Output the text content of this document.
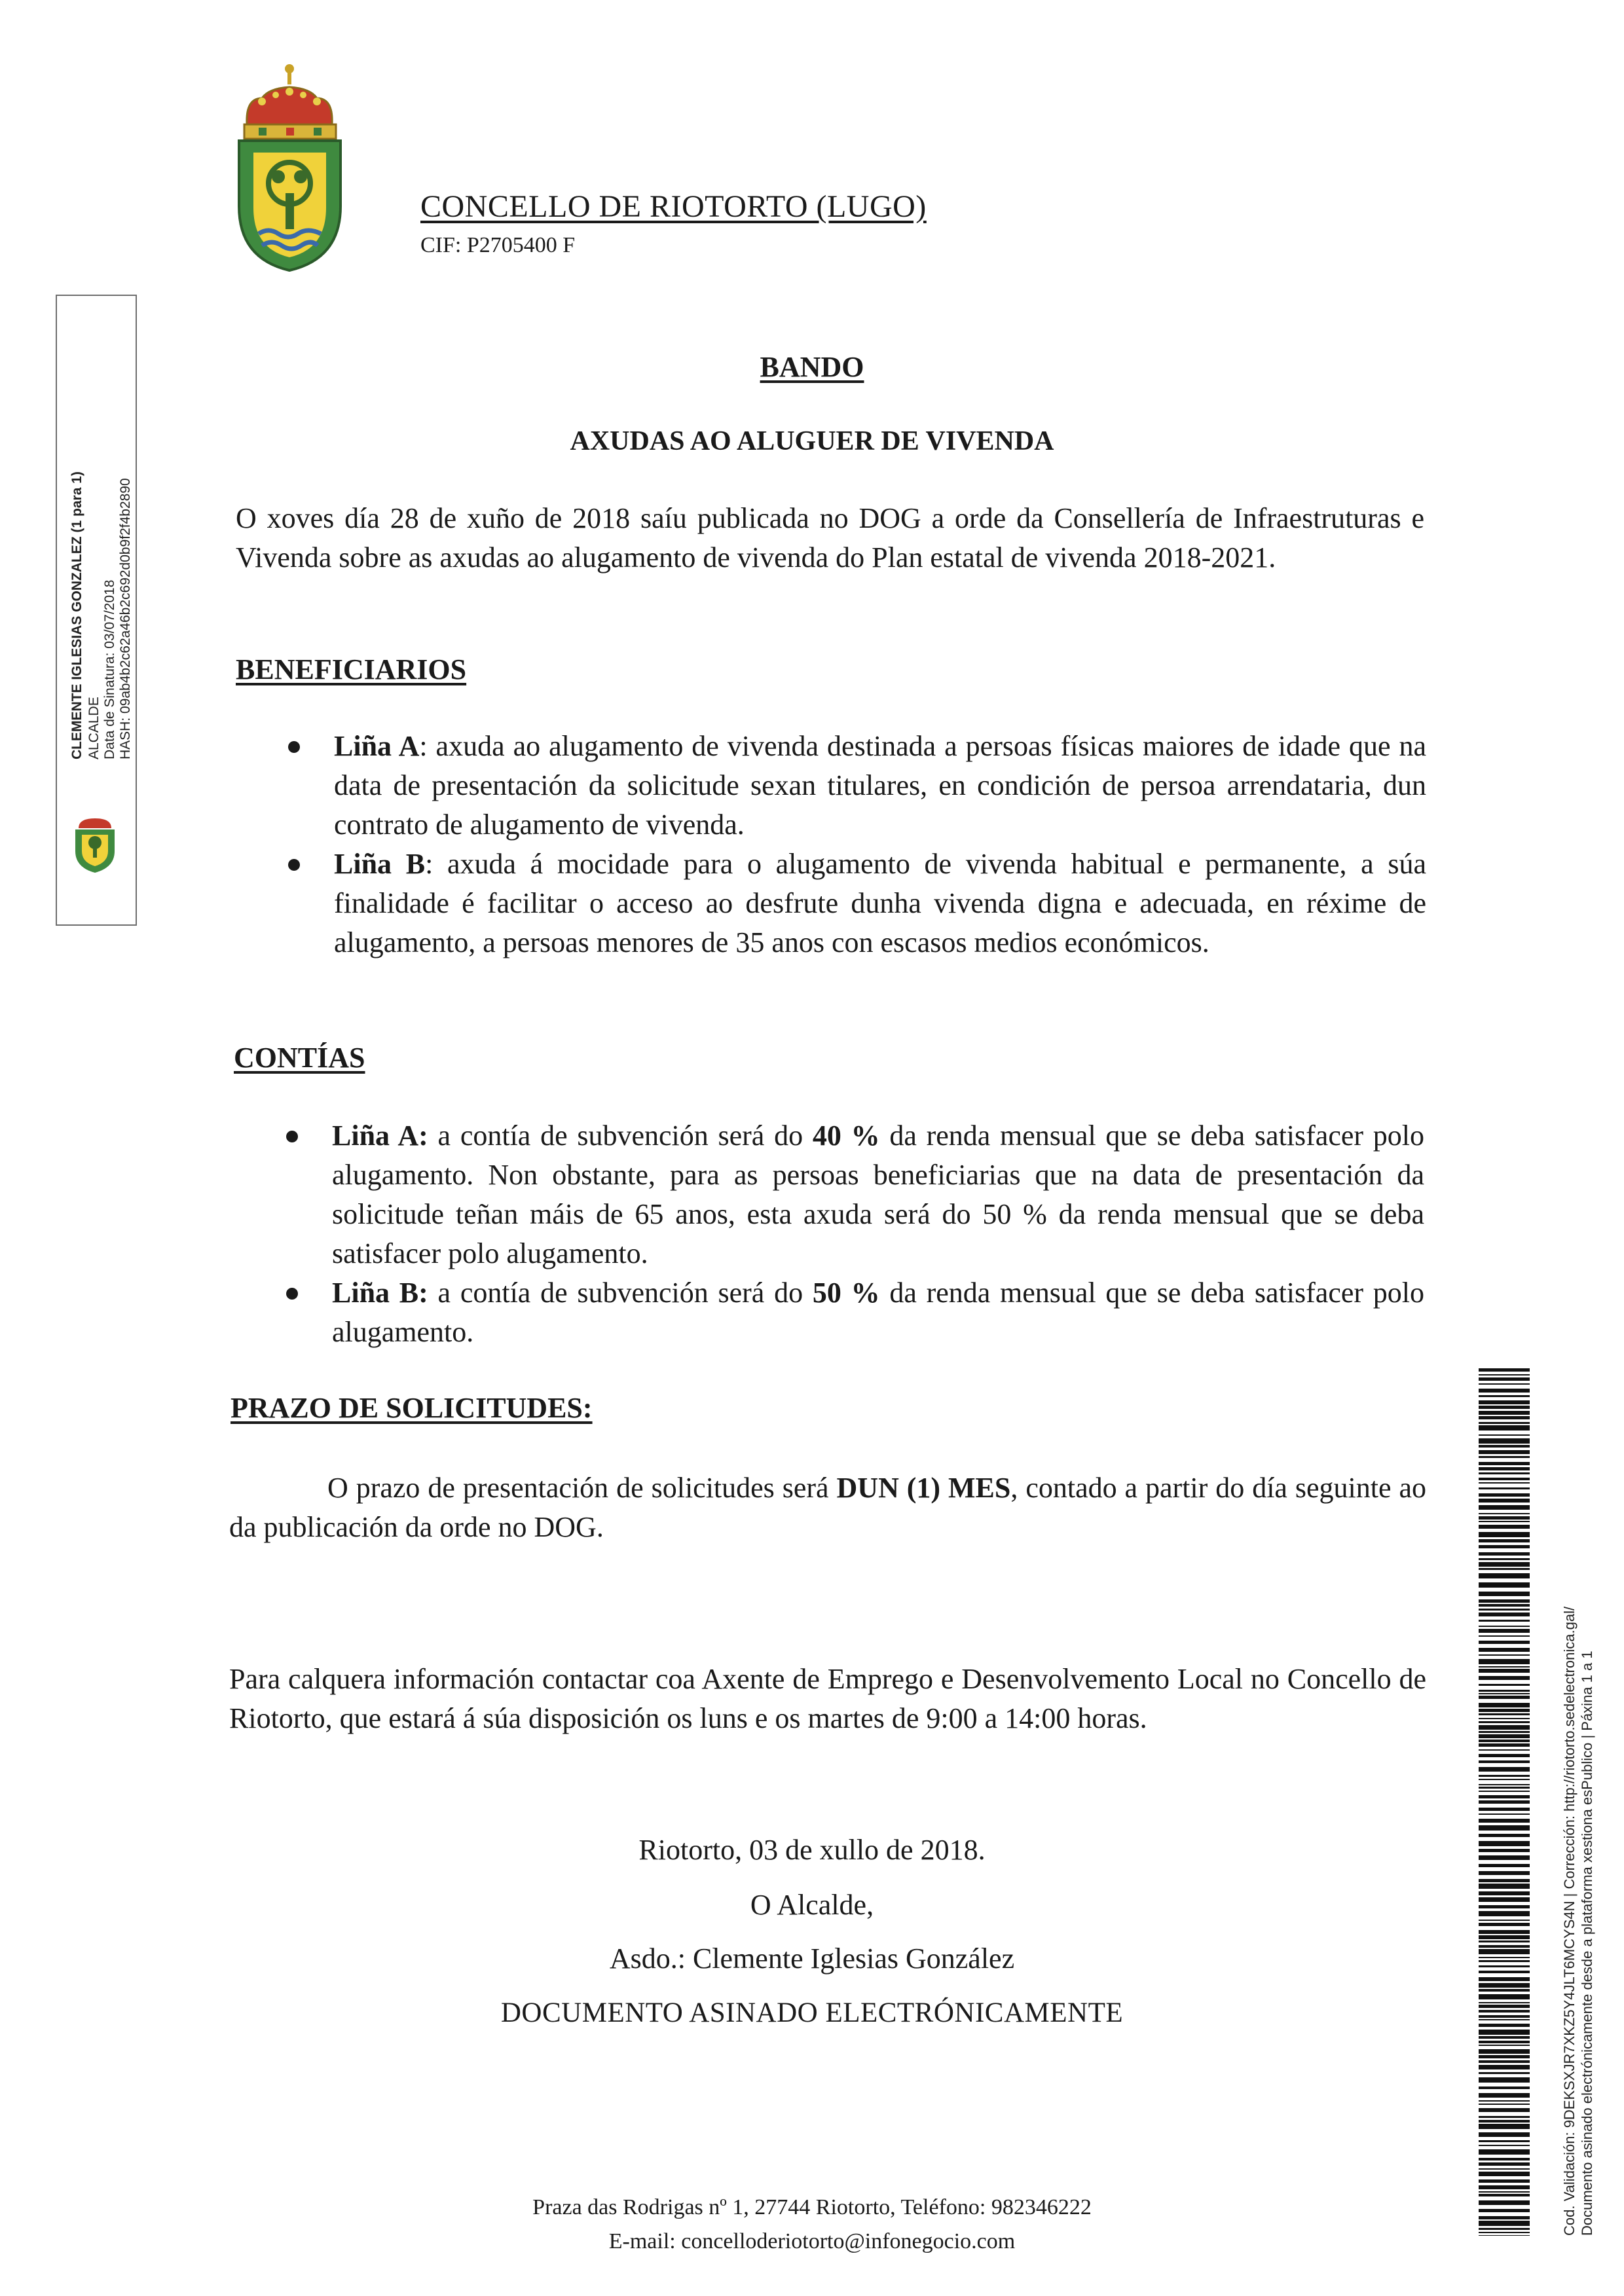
CONCELLO DE RIOTORTO (LUGO)
CIF: P2705400 F
CLEMENTE IGLESIAS GONZALEZ (1 para 1) ALCALDE Data de Sinatura: 03/07/2018 HASH: 09ab4b2c62a46b2c692d0b9f2f4b2890
BANDO
AXUDAS AO ALUGUER DE VIVENDA
O xoves día 28 de xuño de 2018 saíu publicada no DOG a orde da Consellería de Infraestruturas e Vivenda sobre as axudas ao alugamento de vivenda do Plan estatal de vivenda 2018-2021.
BENEFICIARIOS
Liña A: axuda ao alugamento de vivenda destinada a persoas físicas maiores de idade que na data de presentación da solicitude sexan titulares, en condición de persoa arrendataria, dun contrato de alugamento de vivenda.
Liña B: axuda á mocidade para o alugamento de vivenda habitual e permanente, a súa finalidade é facilitar o acceso ao desfrute dunha vivenda digna e adecuada, en réxime de alugamento, a persoas menores de 35 anos con escasos medios económicos.
CONTÍAS
Liña A: a contía de subvención será do 40 % da renda mensual que se deba satisfacer polo alugamento. Non obstante, para as persoas beneficiarias que na data de presentación da solicitude teñan máis de 65 anos, esta axuda será do 50 % da renda mensual que se deba satisfacer polo alugamento.
Liña B: a contía de subvención será do 50 % da renda mensual que se deba satisfacer polo alugamento.
PRAZO DE SOLICITUDES:
O prazo de presentación de solicitudes será DUN (1) MES, contado a partir do día seguinte ao da publicación da orde no DOG.
Para calquera información contactar coa Axente de Emprego e Desenvolvemento Local no Concello de Riotorto, que estará á súa disposición os luns e os martes de 9:00 a 14:00 horas.
Riotorto, 03 de xullo de 2018.
O Alcalde,
Asdo.: Clemente Iglesias González
DOCUMENTO ASINADO ELECTRÓNICAMENTE
Praza das Rodrigas nº 1, 27744 Riotorto, Teléfono: 982346222
E-mail: concelloderiotorto@infonegocio.com
Cod. Validación: 9DEKSXJR7XKZ5Y4JLT6MCYS4N | Corrección: http://riotorto.sedelectronica.gal/ Documento asinado electrónicamente desde a plataforma xestiona esPublico | Páxina 1 a 1
